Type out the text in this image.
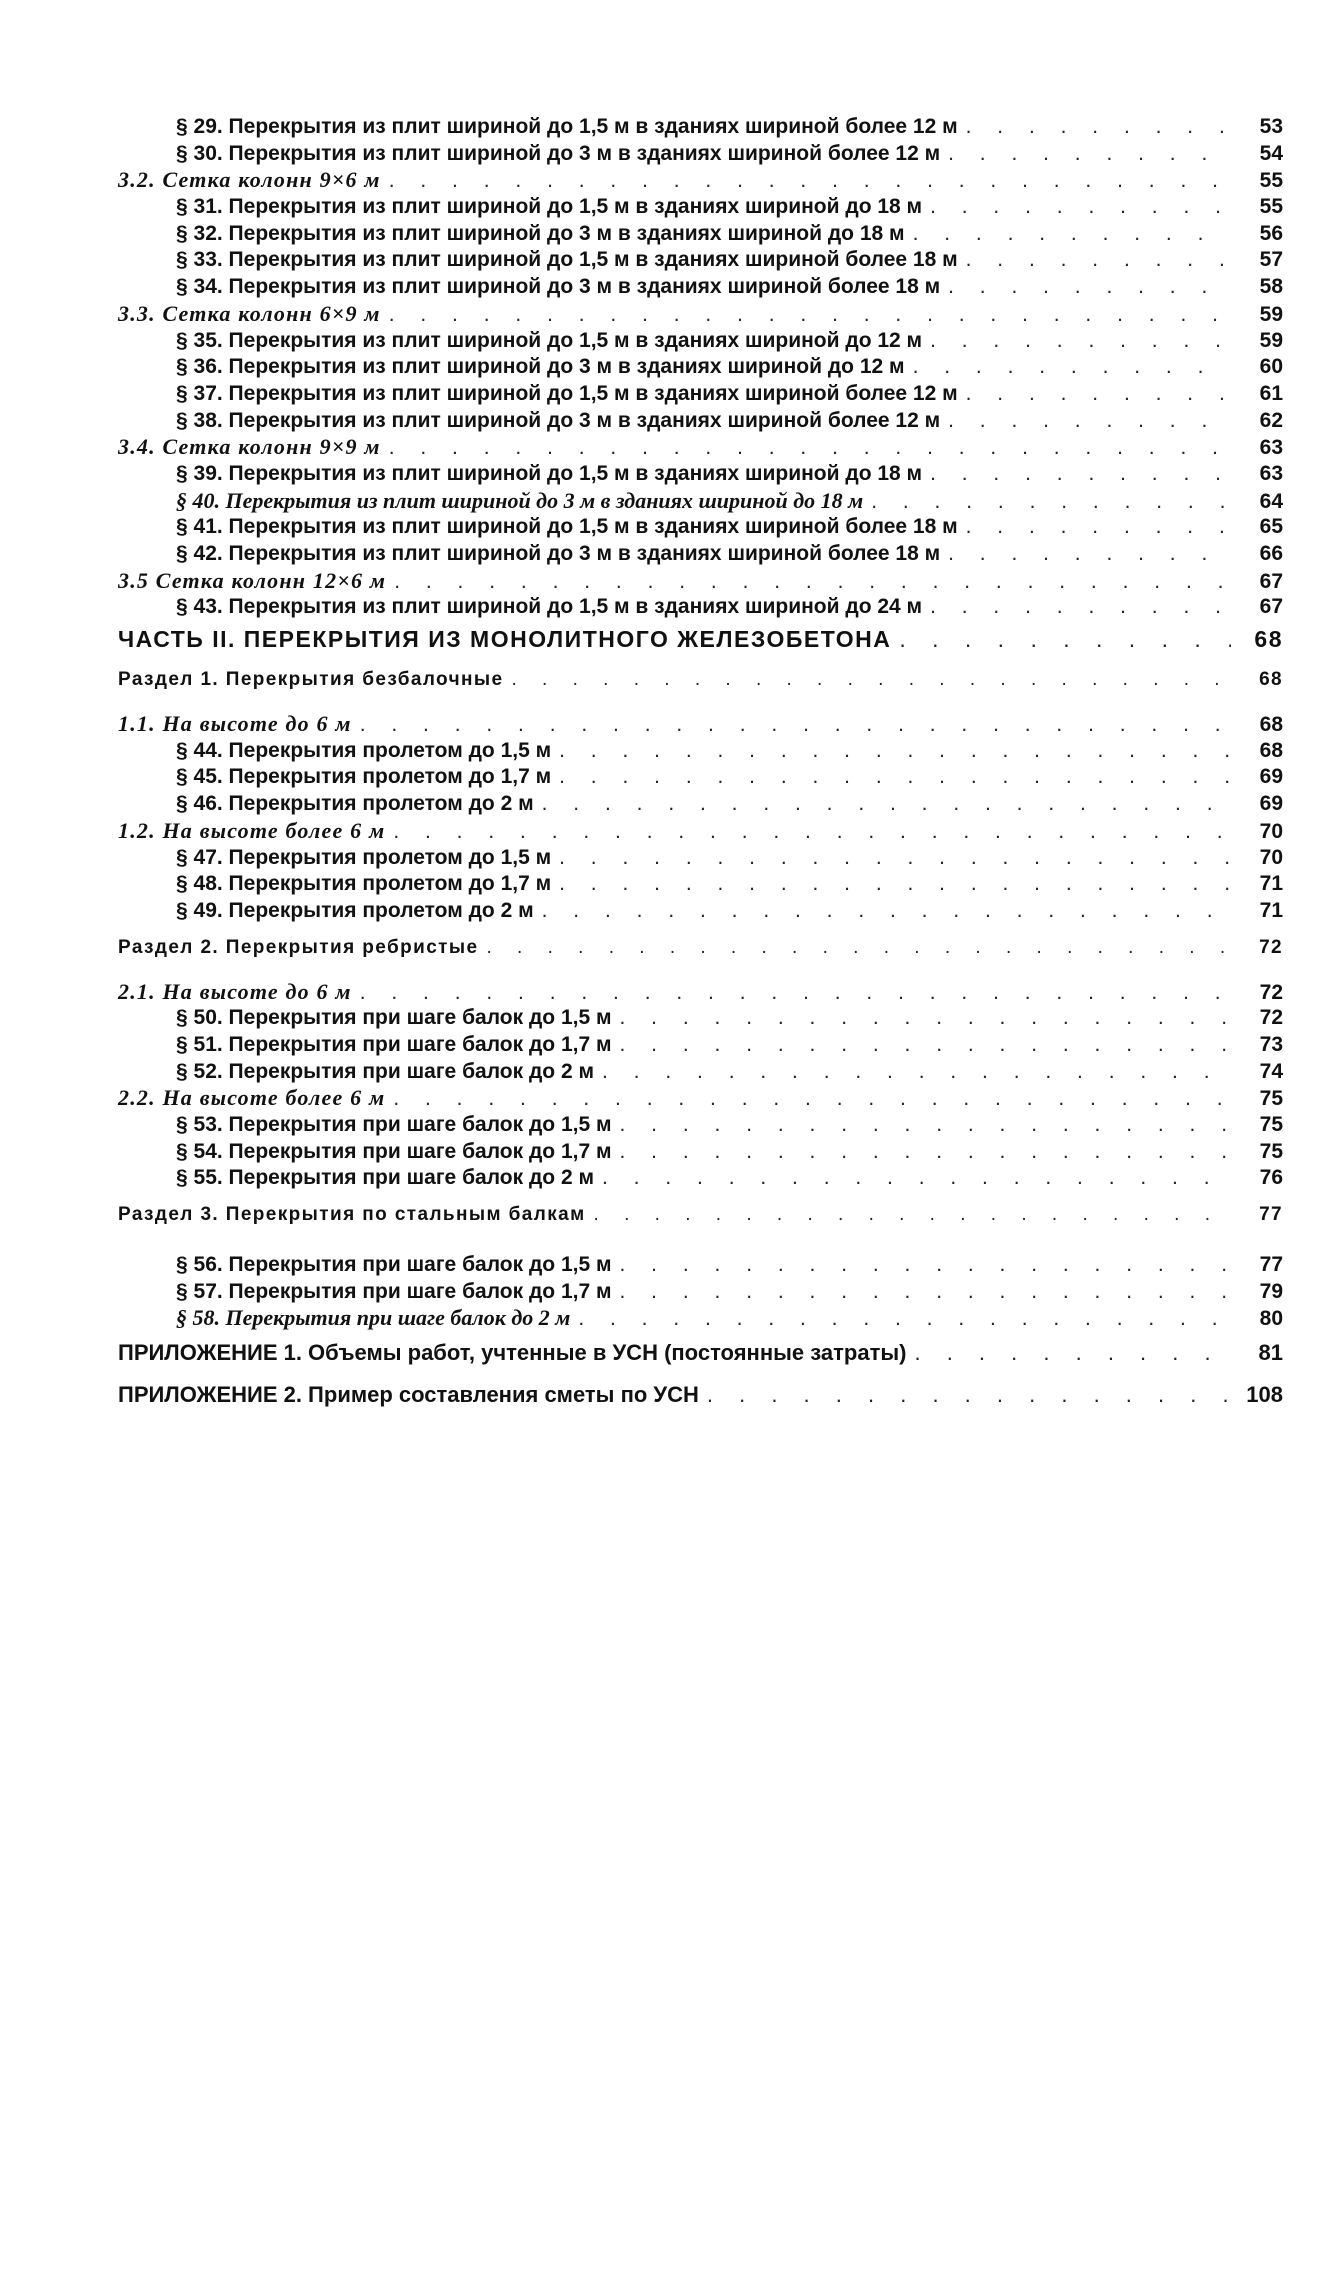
§ 29. Перекрытия из плит шириной до 1,5 м в зданиях шириной более 12 м . . .	53
§ 30. Перекрытия из плит шириной до 3 м в зданиях шириной более 12 м . . .	54
3.2. Сетка колонн 9×6 м . . .	55
§ 31. Перекрытия из плит шириной до 1,5 м в зданиях шириной до 18 м . . .	55
§ 32. Перекрытия из плит шириной до 3 м в зданиях шириной до 18 м . . .	56
§ 33. Перекрытия из плит шириной до 1,5 м в зданиях шириной более 18 м . . .	57
§ 34. Перекрытия из плит шириной до 3 м в зданиях шириной более 18 м . . .	58
3.3. Сетка колонн 6×9 м . . .	59
§ 35. Перекрытия из плит шириной до 1,5 м в зданиях шириной до 12 м . . .	59
§ 36. Перекрытия из плит шириной до 3 м в зданиях шириной до 12 м . . .	60
§ 37. Перекрытия из плит шириной до 1,5 м в зданиях шириной более 12 м . . .	61
§ 38. Перекрытия из плит шириной до 3 м в зданиях шириной более 12 м . . .	62
3.4. Сетка колонн 9×9 м . . .	63
§ 39. Перекрытия из плит шириной до 1,5 м в зданиях шириной до 18 м . . .	63
§ 40. Перекрытия из плит шириной до 3 м в зданиях шириной до 18 м . . .	64
§ 41. Перекрытия из плит шириной до 1,5 м в зданиях шириной более 18 м . . .	65
§ 42. Перекрытия из плит шириной до 3 м в зданиях шириной более 18 м . . .	66
3.5 Сетка колонн 12×6 м . . .	67
§ 43. Перекрытия из плит шириной до 1,5 м в зданиях шириной до 24 м . . .	67
ЧАСТЬ II. ПЕРЕКРЫТИЯ ИЗ МОНОЛИТНОГО ЖЕЛЕЗОБЕТОНА . . .	68
Раздел 1. Перекрытия безбалочные . . .	68
1.1. На высоте до 6 м . . .	68
§ 44. Перекрытия пролетом до 1,5 м . . .	68
§ 45. Перекрытия пролетом до 1,7 м . . .	69
§ 46. Перекрытия пролетом до 2 м . . .	69
1.2. На высоте более 6 м . . .	70
§ 47. Перекрытия пролетом до 1,5 м . . .	70
§ 48. Перекрытия пролетом до 1,7 м . . .	71
§ 49. Перекрытия пролетом до 2 м . . .	71
Раздел 2. Перекрытия ребристые . . .	72
2.1. На высоте до 6 м . . .	72
§ 50. Перекрытия при шаге балок до 1,5 м . . .	72
§ 51. Перекрытия при шаге балок до 1,7 м . . .	73
§ 52. Перекрытия при шаге балок до 2 м . . .	74
2.2. На высоте более 6 м . . .	75
§ 53. Перекрытия при шаге балок до 1,5 м . . .	75
§ 54. Перекрытия при шаге балок до 1,7 м . . .	75
§ 55. Перекрытия при шаге балок до 2 м . . .	76
Раздел 3. Перекрытия по стальным балкам . . .	77
§ 56. Перекрытия при шаге балок до 1,5 м . . .	77
§ 57. Перекрытия при шаге балок до 1,7 м . . .	79
§ 58. Перекрытия при шаге балок до 2 м . . .	80
ПРИЛОЖЕНИЕ 1. Объемы работ, учтенные в УСН (постоянные затраты) . . .	81
ПРИЛОЖЕНИЕ 2. Пример составления сметы по УСН . . .	108
